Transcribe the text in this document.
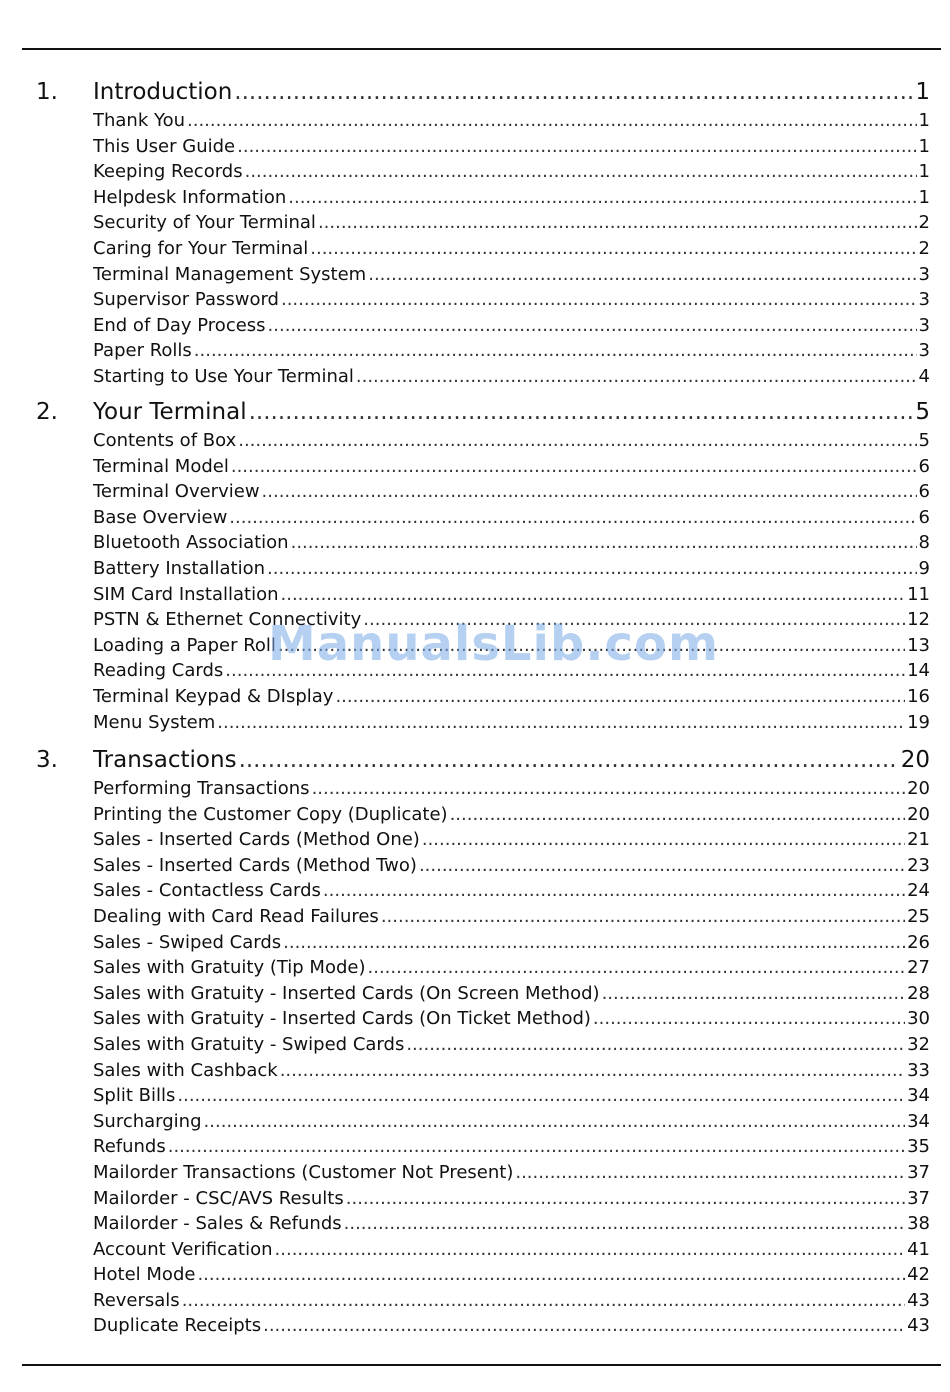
1. Introduction .....	1
Thank You .....	1
This User Guide .....	1
Keeping Records .....	1
Helpdesk Information .....	1
Security of Your Terminal .....	2
Caring for Your Terminal .....	2
Terminal Management System .....	3
Supervisor Password .....	3
End of Day Process .....	3
Paper Rolls .....	3
Starting to Use Your Terminal .....	4
2. Your Terminal .....	5
Contents of Box .....	5
Terminal Model .....	6
Terminal Overview .....	6
Base Overview .....	6
Bluetooth Association .....	8
Battery Installation .....	9
SIM Card Installation .....	11
PSTN & Ethernet Connectivity .....	12
Loading a Paper Roll .....	13
Reading Cards .....	14
Terminal Keypad & DIsplay .....	16
Menu System .....	19
3. Transactions .....	20
Performing Transactions .....	20
Printing the Customer Copy (Duplicate) .....	20
Sales - Inserted Cards (Method One) .....	21
Sales - Inserted Cards (Method Two) .....	23
Sales - Contactless Cards .....	24
Dealing with Card Read Failures .....	25
Sales - Swiped Cards .....	26
Sales with Gratuity (Tip Mode) .....	27
Sales with Gratuity - Inserted Cards (On Screen Method) .....	28
Sales with Gratuity - Inserted Cards (On Ticket Method) .....	30
Sales with Gratuity - Swiped Cards .....	32
Sales with Cashback .....	33
Split Bills .....	34
Surcharging .....	34
Refunds .....	35
Mailorder Transactions (Customer Not Present) .....	37
Mailorder - CSC/AVS Results .....	37
Mailorder - Sales & Refunds .....	38
Account Verification .....	41
Hotel Mode .....	42
Reversals .....	43
Duplicate Receipts .....	43
ManualsLib.com
